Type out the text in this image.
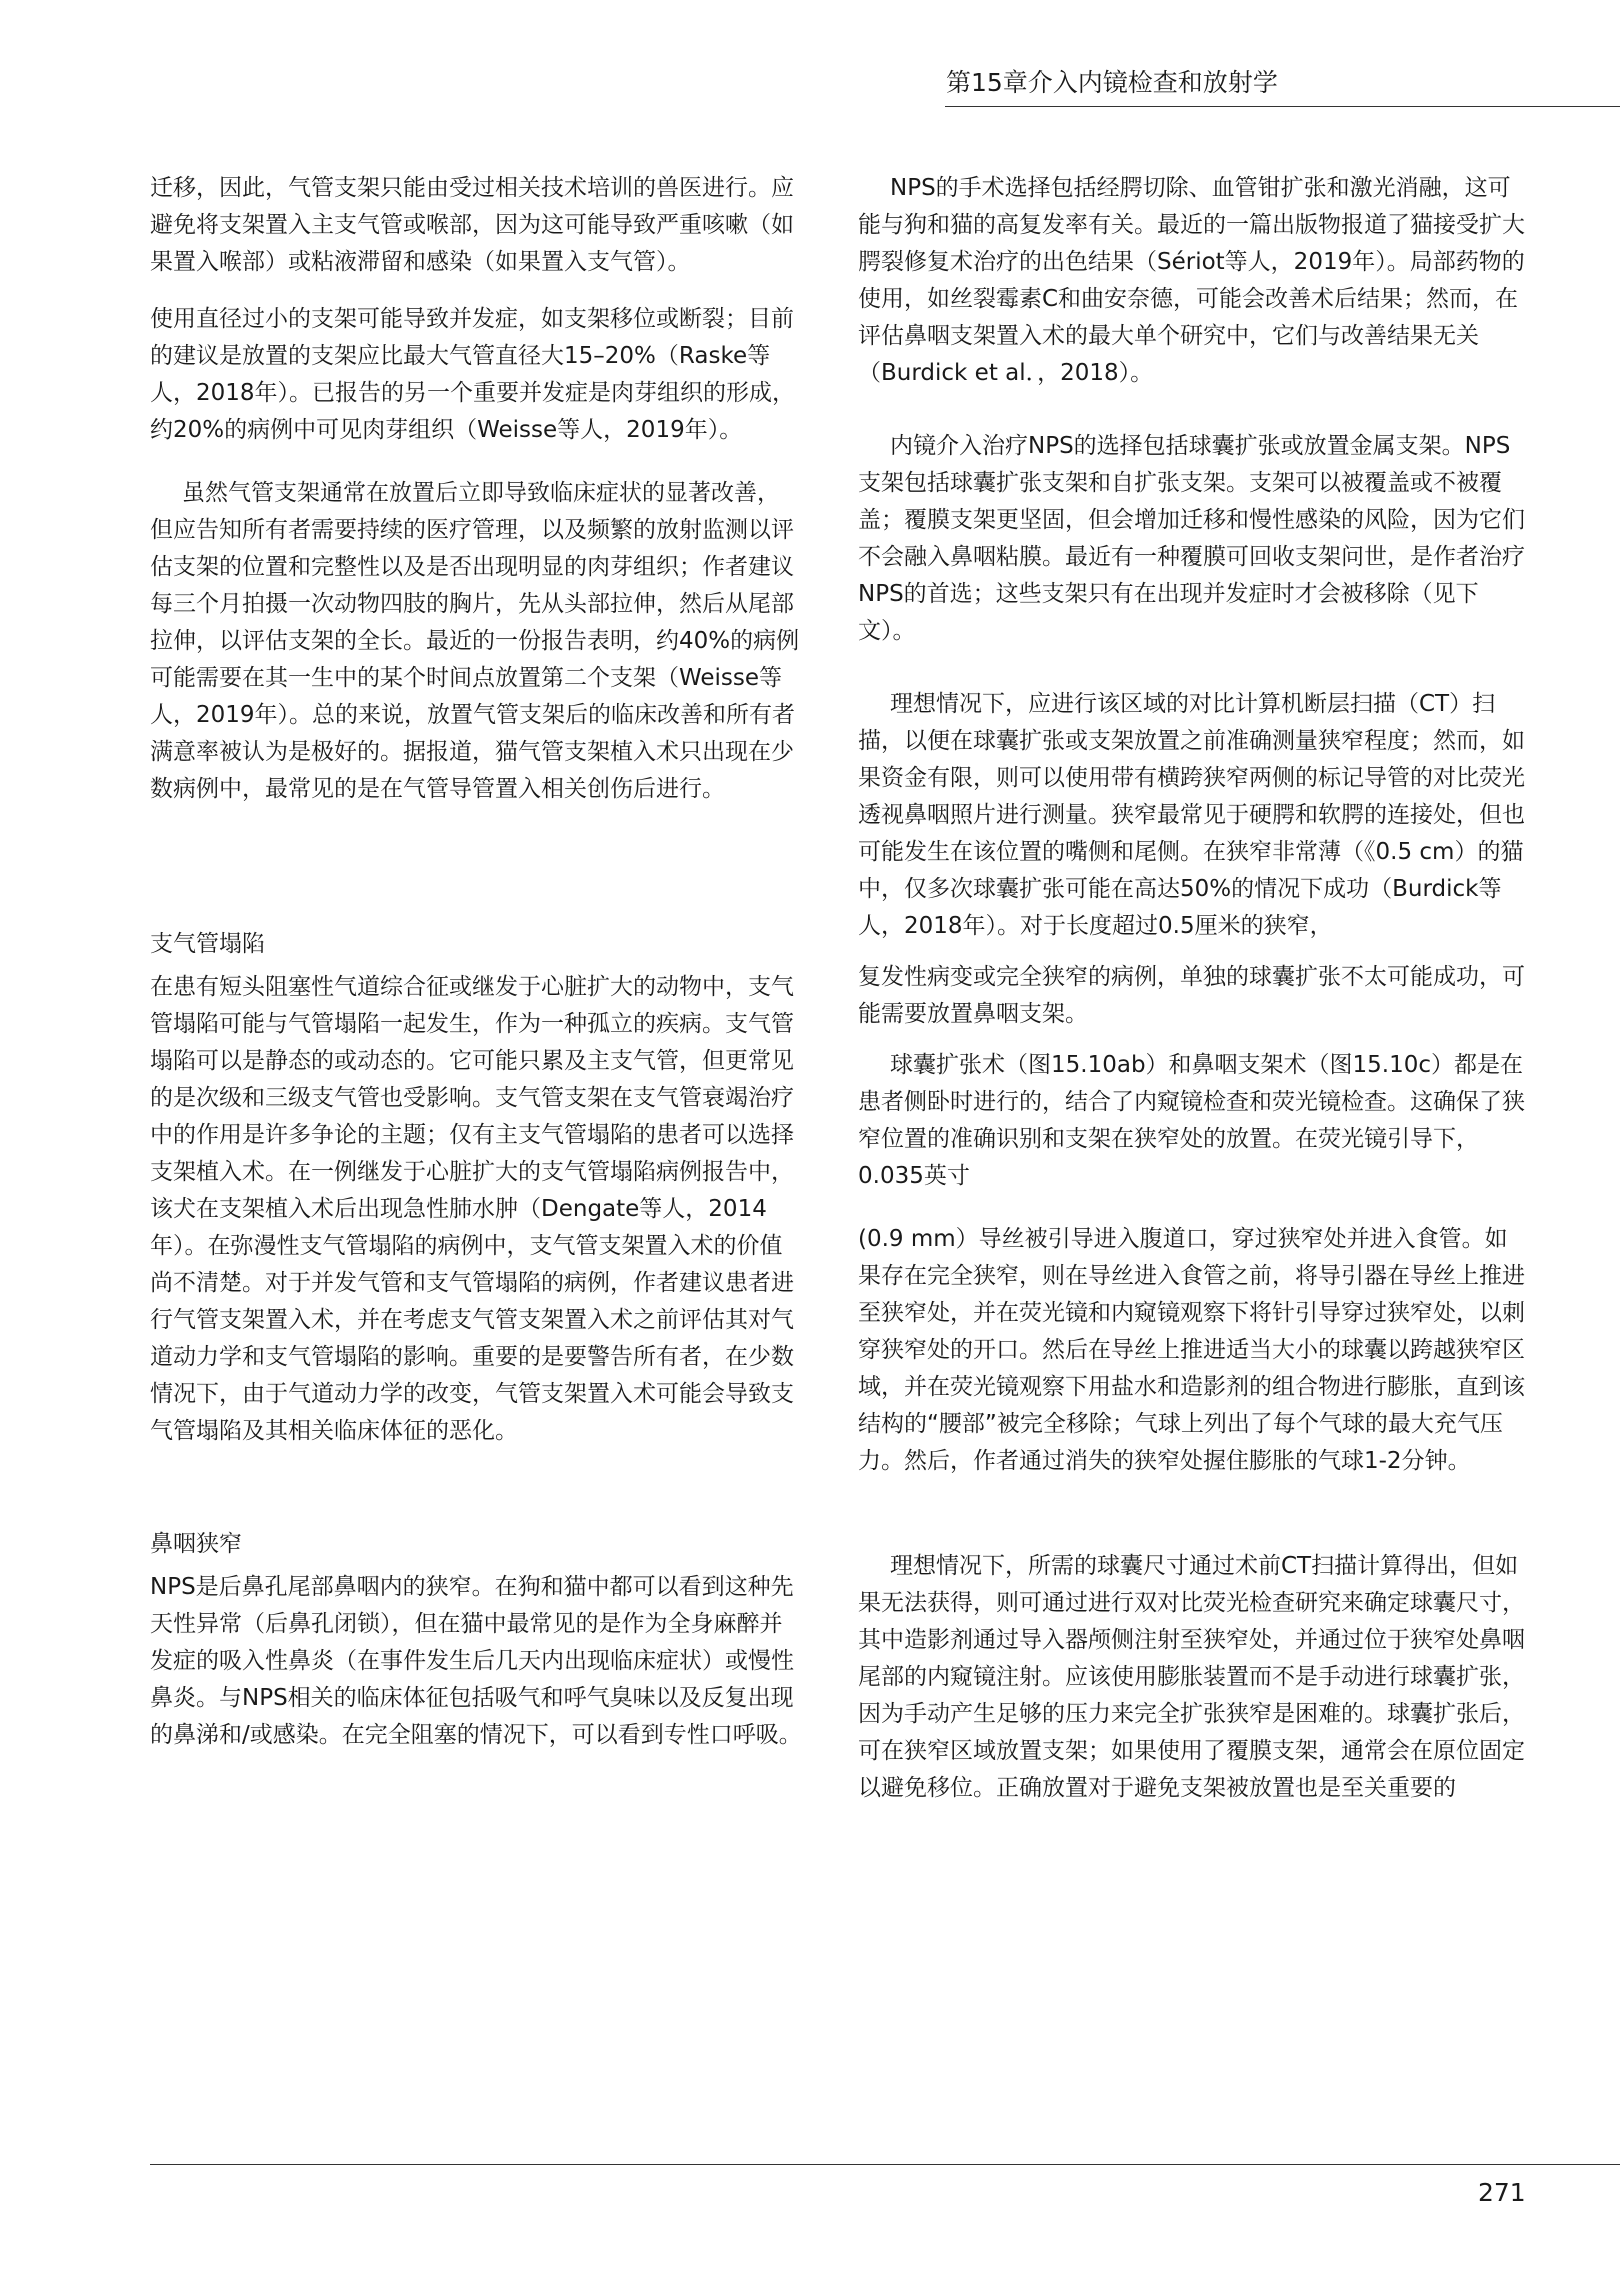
第15章介入内镜检查和放射学

迁移，因此，气管支架只能由受过相关技术培训的兽医进行。应避免将支架置入主支气管或喉部，因为这可能导致严重咳嗽（如果置入喉部）或粘液滞留和感染（如果置入支气管）。

使用直径过小的支架可能导致并发症，如支架移位或断裂；目前的建议是放置的支架应比最大气管直径大15–20%（Raske等人，2018年）。已报告的另一个重要并发症是肉芽组织的形成，约20%的病例中可见肉芽组织（Weisse等人，2019年）。

虽然气管支架通常在放置后立即导致临床症状的显著改善，但应告知所有者需要持续的医疗管理，以及频繁的放射监测以评估支架的位置和完整性以及是否出现明显的肉芽组织；作者建议每三个月拍摄一次动物四肢的胸片，先从头部拉伸，然后从尾部拉伸，以评估支架的全长。最近的一份报告表明，约40%的病例可能需要在其一生中的某个时间点放置第二个支架（Weisse等人，2019年）。总的来说，放置气管支架后的临床改善和所有者满意率被认为是极好的。据报道，猫气管支架植入术只出现在少数病例中，最常见的是在气管导管置入相关创伤后进行。

支气管塌陷

在患有短头阻塞性气道综合征或继发于心脏扩大的动物中，支气管塌陷可能与气管塌陷一起发生，作为一种孤立的疾病。支气管塌陷可以是静态的或动态的。它可能只累及主支气管，但更常见的是次级和三级支气管也受影响。支气管支架在支气管衰竭治疗中的作用是许多争论的主题；仅有主支气管塌陷的患者可以选择支架植入术。在一例继发于心脏扩大的支气管塌陷病例报告中，该犬在支架植入术后出现急性肺水肿（Dengate等人，2014年）。在弥漫性支气管塌陷的病例中，支气管支架置入术的价值尚不清楚。对于并发气管和支气管塌陷的病例，作者建议患者进行气管支架置入术，并在考虑支气管支架置入术之前评估其对气道动力学和支气管塌陷的影响。重要的是要警告所有者，在少数情况下，由于气道动力学的改变，气管支架置入术可能会导致支气管塌陷及其相关临床体征的恶化。

鼻咽狭窄

NPS是后鼻孔尾部鼻咽内的狭窄。在狗和猫中都可以看到这种先天性异常（后鼻孔闭锁），但在猫中最常见的是作为全身麻醉并发症的吸入性鼻炎（在事件发生后几天内出现临床症状）或慢性鼻炎。与NPS相关的临床体征包括吸气和呼气臭味以及反复出现的鼻涕和/或感染。在完全阻塞的情况下，可以看到专性口呼吸。

NPS的手术选择包括经腭切除、血管钳扩张和激光消融，这可能与狗和猫的高复发率有关。最近的一篇出版物报道了猫接受扩大腭裂修复术治疗的出色结果（Sériot等人，2019年）。局部药物的使用，如丝裂霉素C和曲安奈德，可能会改善术后结果；然而，在评估鼻咽支架置入术的最大单个研究中，它们与改善结果无关（Burdick et al．，2018）。

内镜介入治疗NPS的选择包括球囊扩张或放置金属支架。NPS支架包括球囊扩张支架和自扩张支架。支架可以被覆盖或不被覆盖；覆膜支架更坚固，但会增加迁移和慢性感染的风险，因为它们不会融入鼻咽粘膜。最近有一种覆膜可回收支架问世，是作者治疗NPS的首选；这些支架只有在出现并发症时才会被移除（见下文）。

理想情况下，应进行该区域的对比计算机断层扫描（CT）扫描，以便在球囊扩张或支架放置之前准确测量狭窄程度；然而，如果资金有限，则可以使用带有横跨狭窄两侧的标记导管的对比荧光透视鼻咽照片进行测量。狭窄最常见于硬腭和软腭的连接处，但也可能发生在该位置的嘴侧和尾侧。在狭窄非常薄（《0.5 cm）的猫中，仅多次球囊扩张可能在高达50%的情况下成功（Burdick等人，2018年）。对于长度超过0.5厘米的狭窄，

复发性病变或完全狭窄的病例，单独的球囊扩张不太可能成功，可能需要放置鼻咽支架。

球囊扩张术（图15.10ab）和鼻咽支架术（图15.10c）都是在患者侧卧时进行的，结合了内窥镜检查和荧光镜检查。这确保了狭窄位置的准确识别和支架在狭窄处的放置。在荧光镜引导下，0.035英寸

(0.9 mm）导丝被引导进入腹道口，穿过狭窄处并进入食管。如果存在完全狭窄，则在导丝进入食管之前，将导引器在导丝上推进至狭窄处，并在荧光镜和内窥镜观察下将针引导穿过狭窄处，以刺穿狭窄处的开口。然后在导丝上推进适当大小的球囊以跨越狭窄区域，并在荧光镜观察下用盐水和造影剂的组合物进行膨胀，直到该结构的“腰部”被完全移除；气球上列出了每个气球的最大充气压力。然后，作者通过消失的狭窄处握住膨胀的气球1-2分钟。

理想情况下，所需的球囊尺寸通过术前CT扫描计算得出，但如果无法获得，则可通过进行双对比荧光检查研究来确定球囊尺寸，其中造影剂通过导入器颅侧注射至狭窄处，并通过位于狭窄处鼻咽尾部的内窥镜注射。应该使用膨胀装置而不是手动进行球囊扩张，因为手动产生足够的压力来完全扩张狭窄是困难的。球囊扩张后，可在狭窄区域放置支架；如果使用了覆膜支架，通常会在原位固定以避免移位。正确放置对于避免支架被放置也是至关重要的

271
